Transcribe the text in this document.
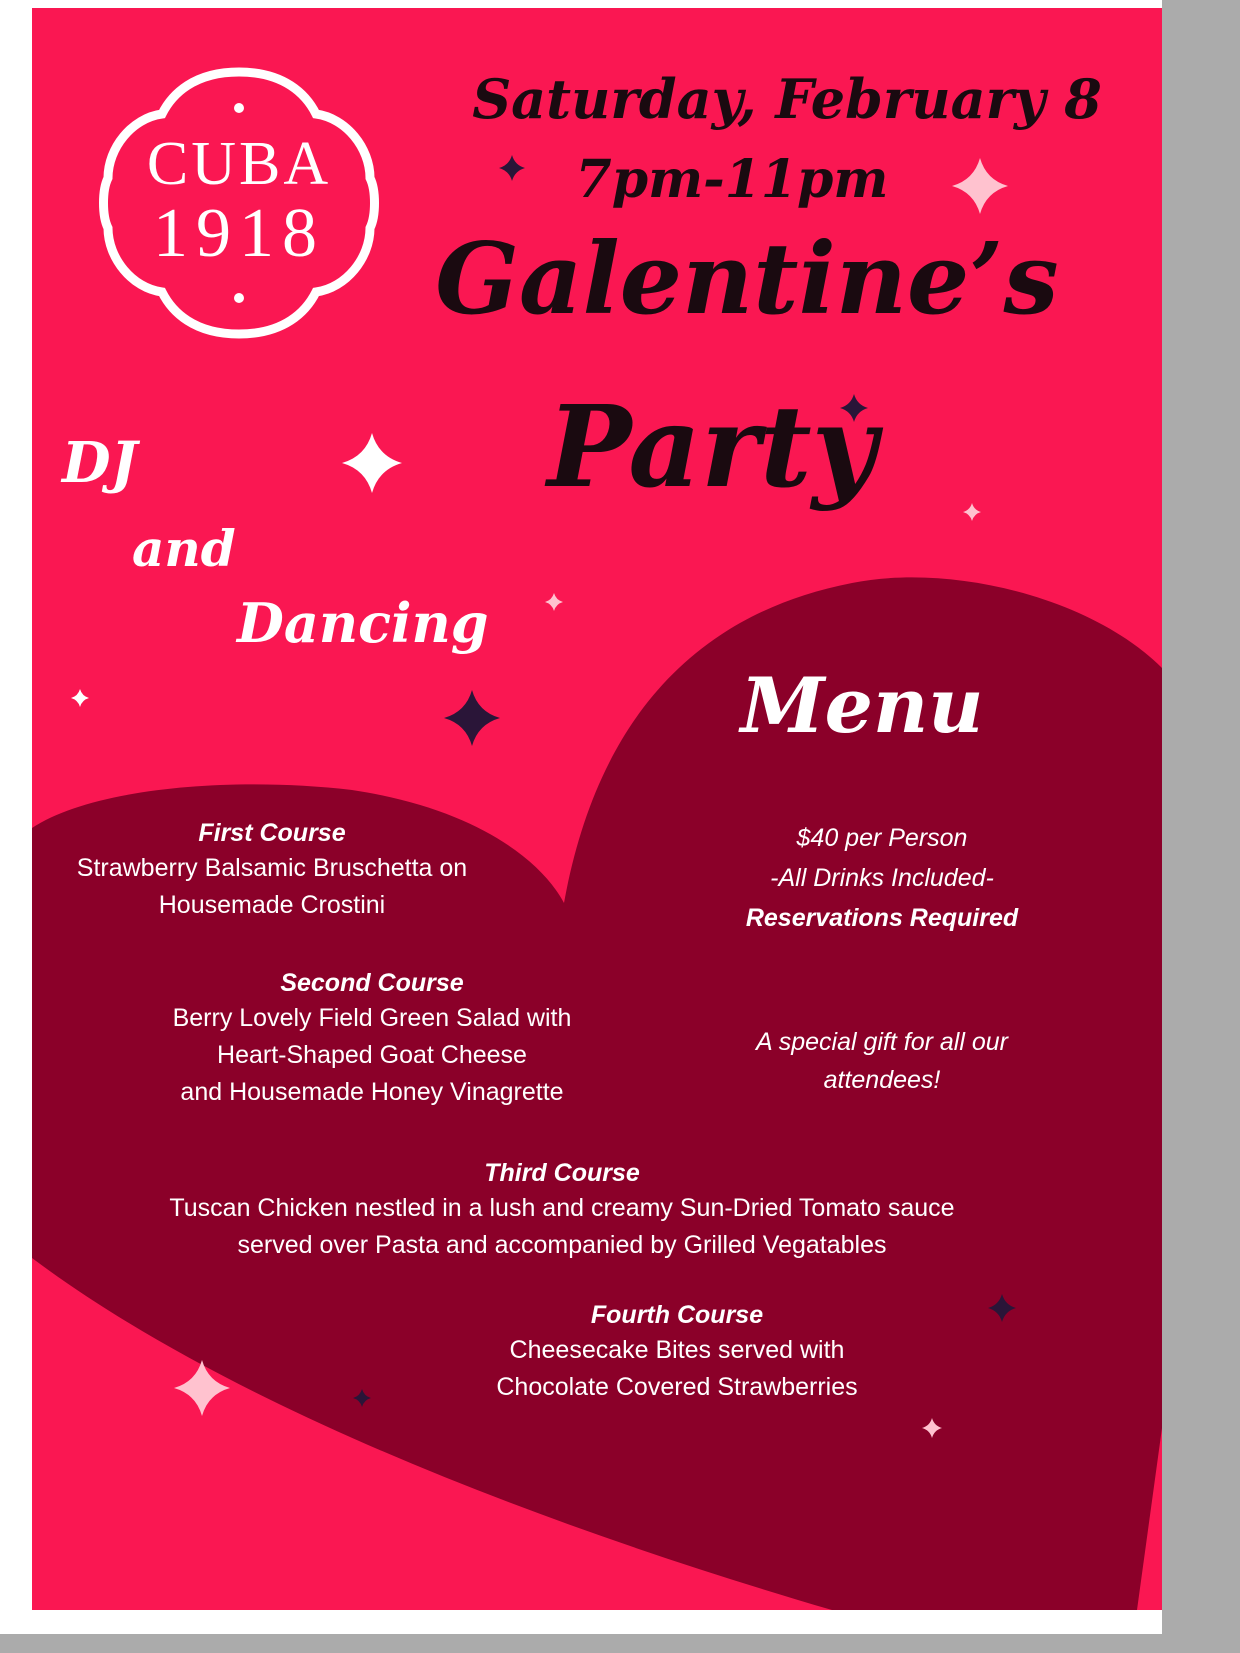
CUBA
1918
Saturday, February 8
7pm-11pm
Galentine’s
Party
DJ
and
Dancing
Menu
First Course
Strawberry Balsamic Bruschetta on
Housemade Crostini
Second Course
Berry Lovely Field Green Salad with
Heart-Shaped Goat Cheese
and Housemade Honey Vinagrette
Third Course
Tuscan Chicken nestled in a lush and creamy Sun-Dried Tomato sauce
served over Pasta and accompanied by Grilled Vegatables
Fourth Course
Cheesecake Bites served with
Chocolate Covered Strawberries
$40 per Person
-All Drinks Included-
Reservations Required
A special gift for all our
attendees!
